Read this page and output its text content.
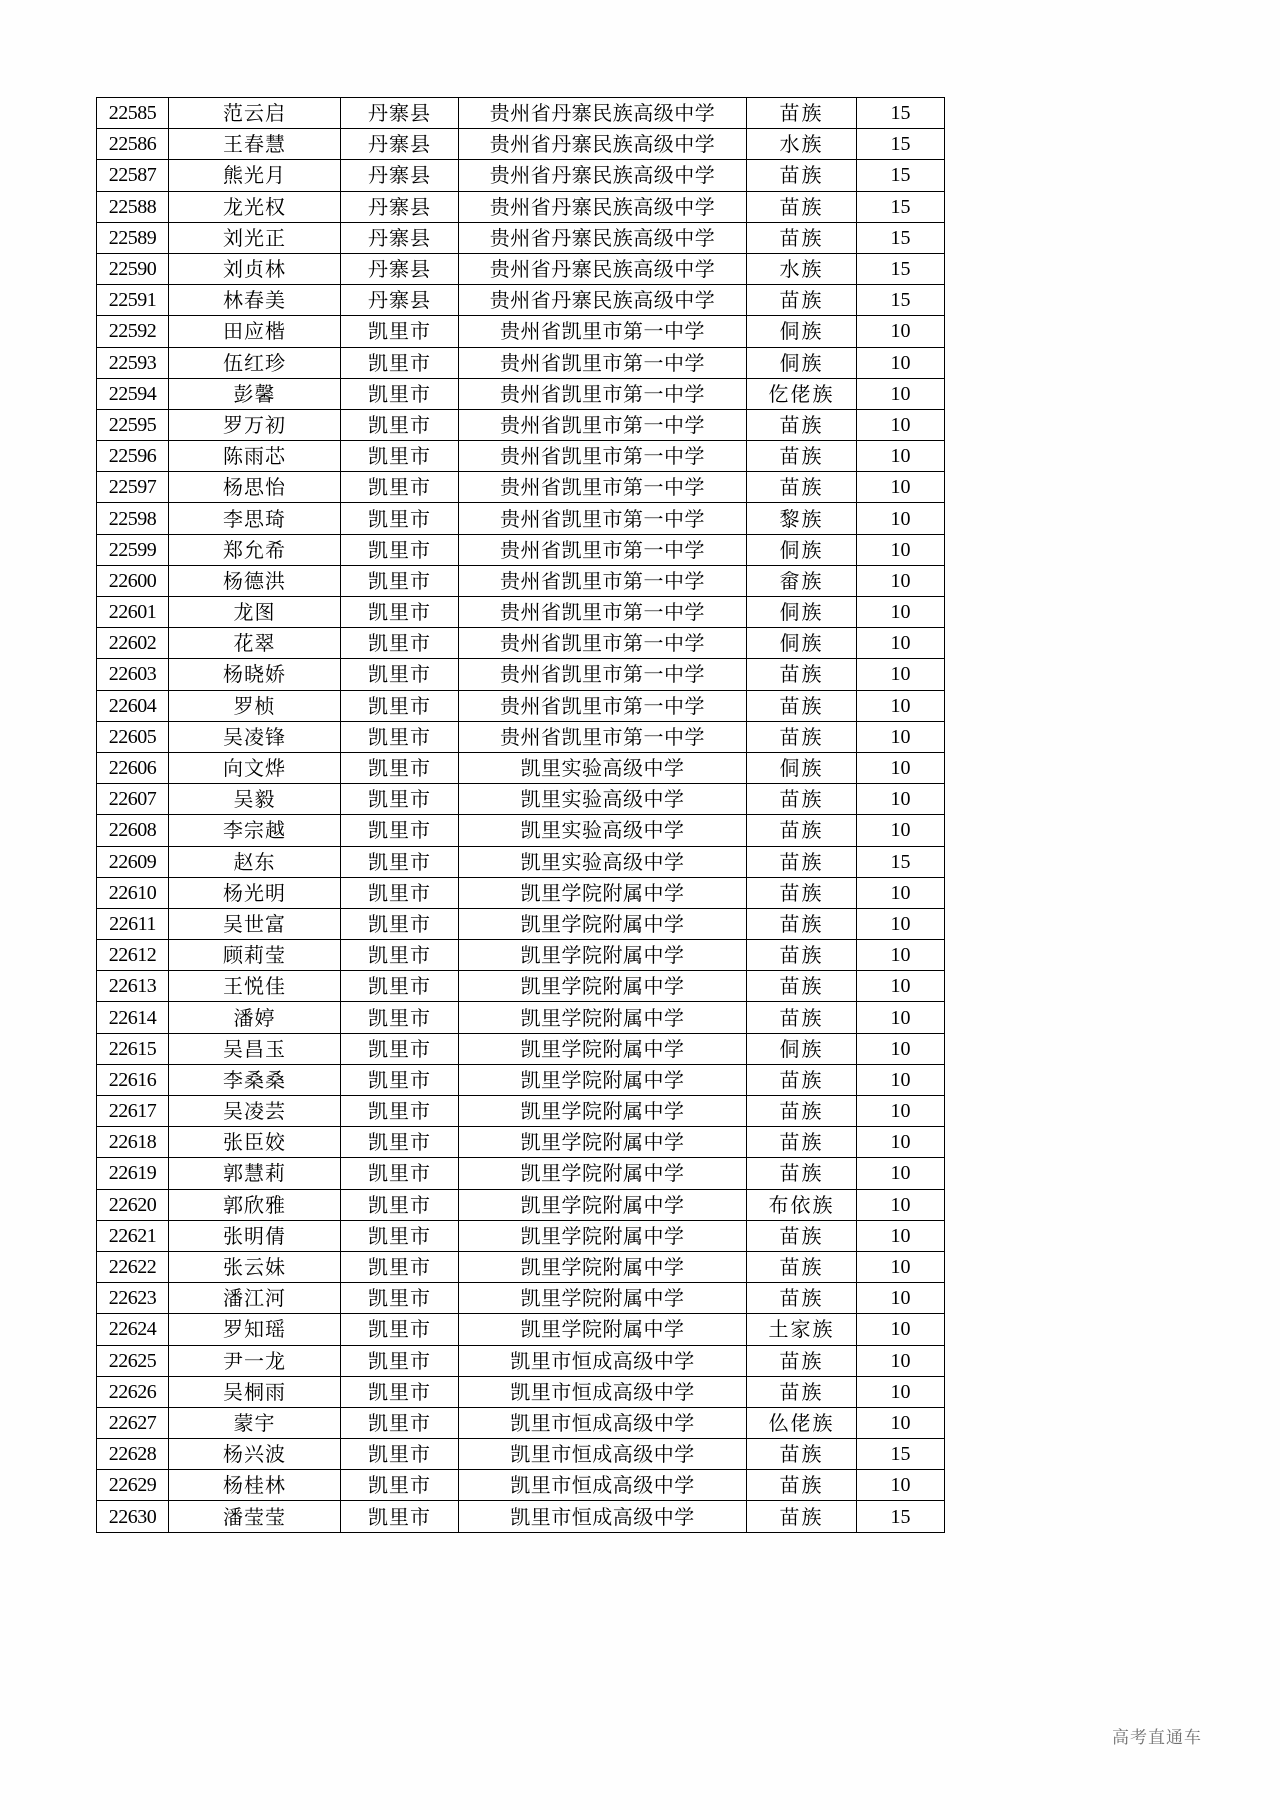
22585	范云启	丹寨县	贵州省丹寨民族高级中学	苗族	15
22586	王春慧	丹寨县	贵州省丹寨民族高级中学	水族	15
22587	熊光月	丹寨县	贵州省丹寨民族高级中学	苗族	15
22588	龙光权	丹寨县	贵州省丹寨民族高级中学	苗族	15
22589	刘光正	丹寨县	贵州省丹寨民族高级中学	苗族	15
22590	刘贞林	丹寨县	贵州省丹寨民族高级中学	水族	15
22591	林春美	丹寨县	贵州省丹寨民族高级中学	苗族	15
22592	田应楷	凯里市	贵州省凯里市第一中学	侗族	10
22593	伍红珍	凯里市	贵州省凯里市第一中学	侗族	10
22594	彭馨	凯里市	贵州省凯里市第一中学	仡佬族	10
22595	罗万初	凯里市	贵州省凯里市第一中学	苗族	10
22596	陈雨芯	凯里市	贵州省凯里市第一中学	苗族	10
22597	杨思怡	凯里市	贵州省凯里市第一中学	苗族	10
22598	李思琦	凯里市	贵州省凯里市第一中学	黎族	10
22599	郑允希	凯里市	贵州省凯里市第一中学	侗族	10
22600	杨德洪	凯里市	贵州省凯里市第一中学	畲族	10
22601	龙图	凯里市	贵州省凯里市第一中学	侗族	10
22602	花翠	凯里市	贵州省凯里市第一中学	侗族	10
22603	杨晓娇	凯里市	贵州省凯里市第一中学	苗族	10
22604	罗桢	凯里市	贵州省凯里市第一中学	苗族	10
22605	吴凌锋	凯里市	贵州省凯里市第一中学	苗族	10
22606	向文烨	凯里市	凯里实验高级中学	侗族	10
22607	吴毅	凯里市	凯里实验高级中学	苗族	10
22608	李宗越	凯里市	凯里实验高级中学	苗族	10
22609	赵东	凯里市	凯里实验高级中学	苗族	15
22610	杨光明	凯里市	凯里学院附属中学	苗族	10
22611	吴世富	凯里市	凯里学院附属中学	苗族	10
22612	顾莉莹	凯里市	凯里学院附属中学	苗族	10
22613	王悦佳	凯里市	凯里学院附属中学	苗族	10
22614	潘婷	凯里市	凯里学院附属中学	苗族	10
22615	吴昌玉	凯里市	凯里学院附属中学	侗族	10
22616	李桑桑	凯里市	凯里学院附属中学	苗族	10
22617	吴凌芸	凯里市	凯里学院附属中学	苗族	10
22618	张臣姣	凯里市	凯里学院附属中学	苗族	10
22619	郭慧莉	凯里市	凯里学院附属中学	苗族	10
22620	郭欣雅	凯里市	凯里学院附属中学	布依族	10
22621	张明倩	凯里市	凯里学院附属中学	苗族	10
22622	张云妹	凯里市	凯里学院附属中学	苗族	10
22623	潘江河	凯里市	凯里学院附属中学	苗族	10
22624	罗知瑶	凯里市	凯里学院附属中学	土家族	10
22625	尹一龙	凯里市	凯里市恒成高级中学	苗族	10
22626	吴桐雨	凯里市	凯里市恒成高级中学	苗族	10
22627	蒙宇	凯里市	凯里市恒成高级中学	仫佬族	10
22628	杨兴波	凯里市	凯里市恒成高级中学	苗族	15
22629	杨桂林	凯里市	凯里市恒成高级中学	苗族	10
22630	潘莹莹	凯里市	凯里市恒成高级中学	苗族	15
高考直通车
